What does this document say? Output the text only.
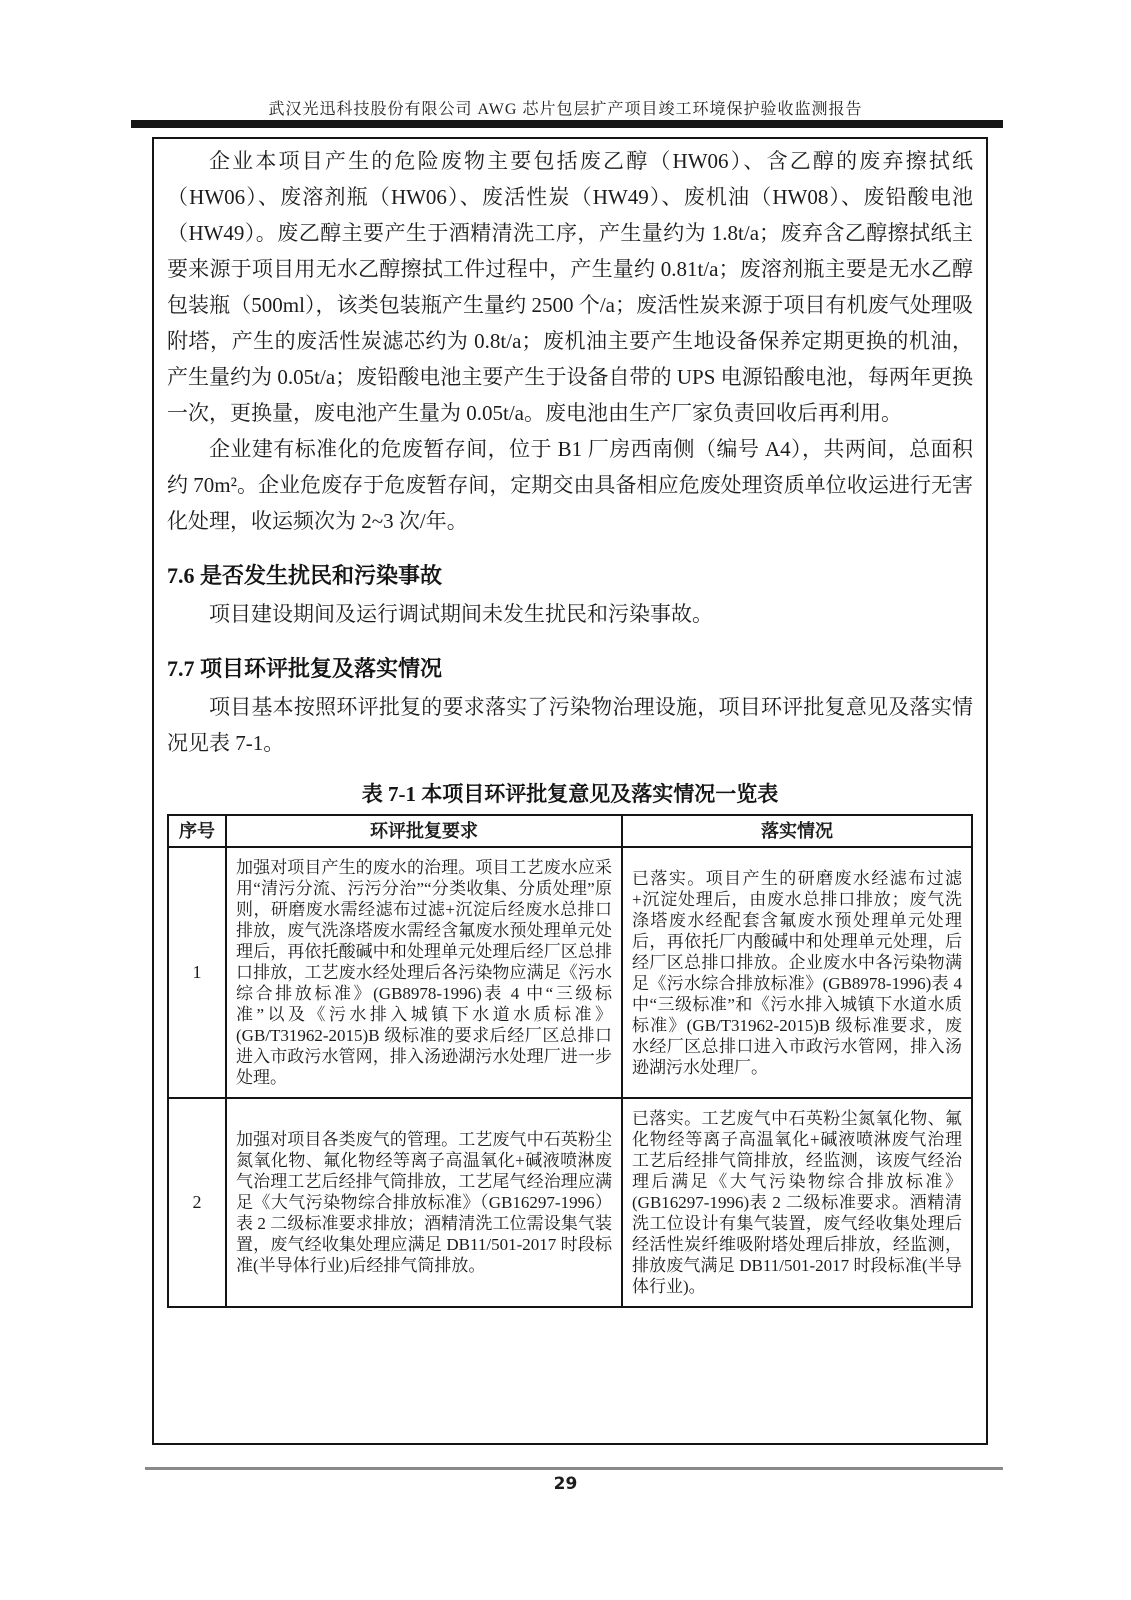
武汉光迅科技股份有限公司 AWG 芯片包层扩产项目竣工环境保护验收监测报告

企业本项目产生的危险废物主要包括废乙醇（HW06）、含乙醇的废弃擦拭纸（HW06）、废溶剂瓶（HW06）、废活性炭（HW49）、废机油（HW08）、废铅酸电池（HW49）。废乙醇主要产生于酒精清洗工序，产生量约为 1.8t/a；废弃含乙醇擦拭纸主要来源于项目用无水乙醇擦拭工件过程中，产生量约 0.81t/a；废溶剂瓶主要是无水乙醇包装瓶（500ml），该类包装瓶产生量约 2500 个/a；废活性炭来源于项目有机废气处理吸附塔，产生的废活性炭滤芯约为 0.8t/a；废机油主要产生地设备保养定期更换的机油，产生量约为 0.05t/a；废铅酸电池主要产生于设备自带的 UPS 电源铅酸电池，每两年更换一次，更换量，废电池产生量为 0.05t/a。废电池由生产厂家负责回收后再利用。

企业建有标准化的危废暂存间，位于 B1 厂房西南侧（编号 A4），共两间，总面积约 70m²。企业危废存于危废暂存间，定期交由具备相应危废处理资质单位收运进行无害化处理，收运频次为 2~3 次/年。

7.6 是否发生扰民和污染事故

项目建设期间及运行调试期间未发生扰民和污染事故。

7.7 项目环评批复及落实情况

项目基本按照环评批复的要求落实了污染物治理设施，项目环评批复意见及落实情况见表 7-1。

表 7-1 本项目环评批复意见及落实情况一览表
序号	环评批复要求	落实情况
1	加强对项目产生的废水的治理。项目工艺废水应采用“清污分流、污污分治”“分类收集、分质处理”原则，研磨废水需经滤布过滤+沉淀后经废水总排口排放，废气洗涤塔废水需经含氟废水预处理单元处理后，再依托酸碱中和处理单元处理后经厂区总排口排放，工艺废水经处理后各污染物应满足《污水综合排放标准》(GB8978-1996)表 4 中“三级标准”以及《污水排入城镇下水道水质标准》(GB/T31962-2015)B 级标准的要求后经厂区总排口进入市政污水管网，排入汤逊湖污水处理厂进一步处理。	已落实。项目产生的研磨废水经滤布过滤+沉淀处理后，由废水总排口排放；废气洗涤塔废水经配套含氟废水预处理单元处理后，再依托厂内酸碱中和处理单元处理，后经厂区总排口排放。企业废水中各污染物满足《污水综合排放标准》(GB8978-1996)表 4 中“三级标准”和《污水排入城镇下水道水质标准》(GB/T31962-2015)B 级标准要求，废水经厂区总排口进入市政污水管网，排入汤逊湖污水处理厂。
2	加强对项目各类废气的管理。工艺废气中石英粉尘氮氧化物、氟化物经等离子高温氧化+碱液喷淋废气治理工艺后经排气筒排放，工艺尾气经治理应满足《大气污染物综合排放标准》（GB16297-1996）表 2 二级标准要求排放；酒精清洗工位需设集气装置，废气经收集处理应满足 DB11/501-2017 时段标准(半导体行业)后经排气筒排放。	已落实。工艺废气中石英粉尘氮氧化物、氟化物经等离子高温氧化+碱液喷淋废气治理工艺后经排气筒排放，经监测，该废气经治理后满足《大气污染物综合排放标准》(GB16297-1996)表 2 二级标准要求。酒精清洗工位设计有集气装置，废气经收集处理后经活性炭纤维吸附塔处理后排放，经监测，排放废气满足 DB11/501-2017 时段标准(半导体行业)。
29
